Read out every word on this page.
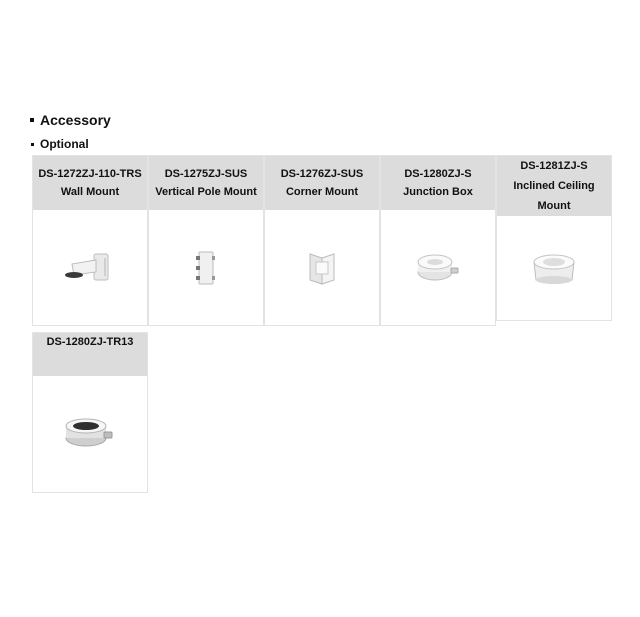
Accessory
Optional
DS-1272ZJ-110-TRS
Wall Mount
DS-1275ZJ-SUS
Vertical Pole Mount
DS-1276ZJ-SUS
Corner Mount
DS-1280ZJ-S
Junction Box
DS-1281ZJ-S
Inclined Ceiling
Mount
DS-1280ZJ-TR13
